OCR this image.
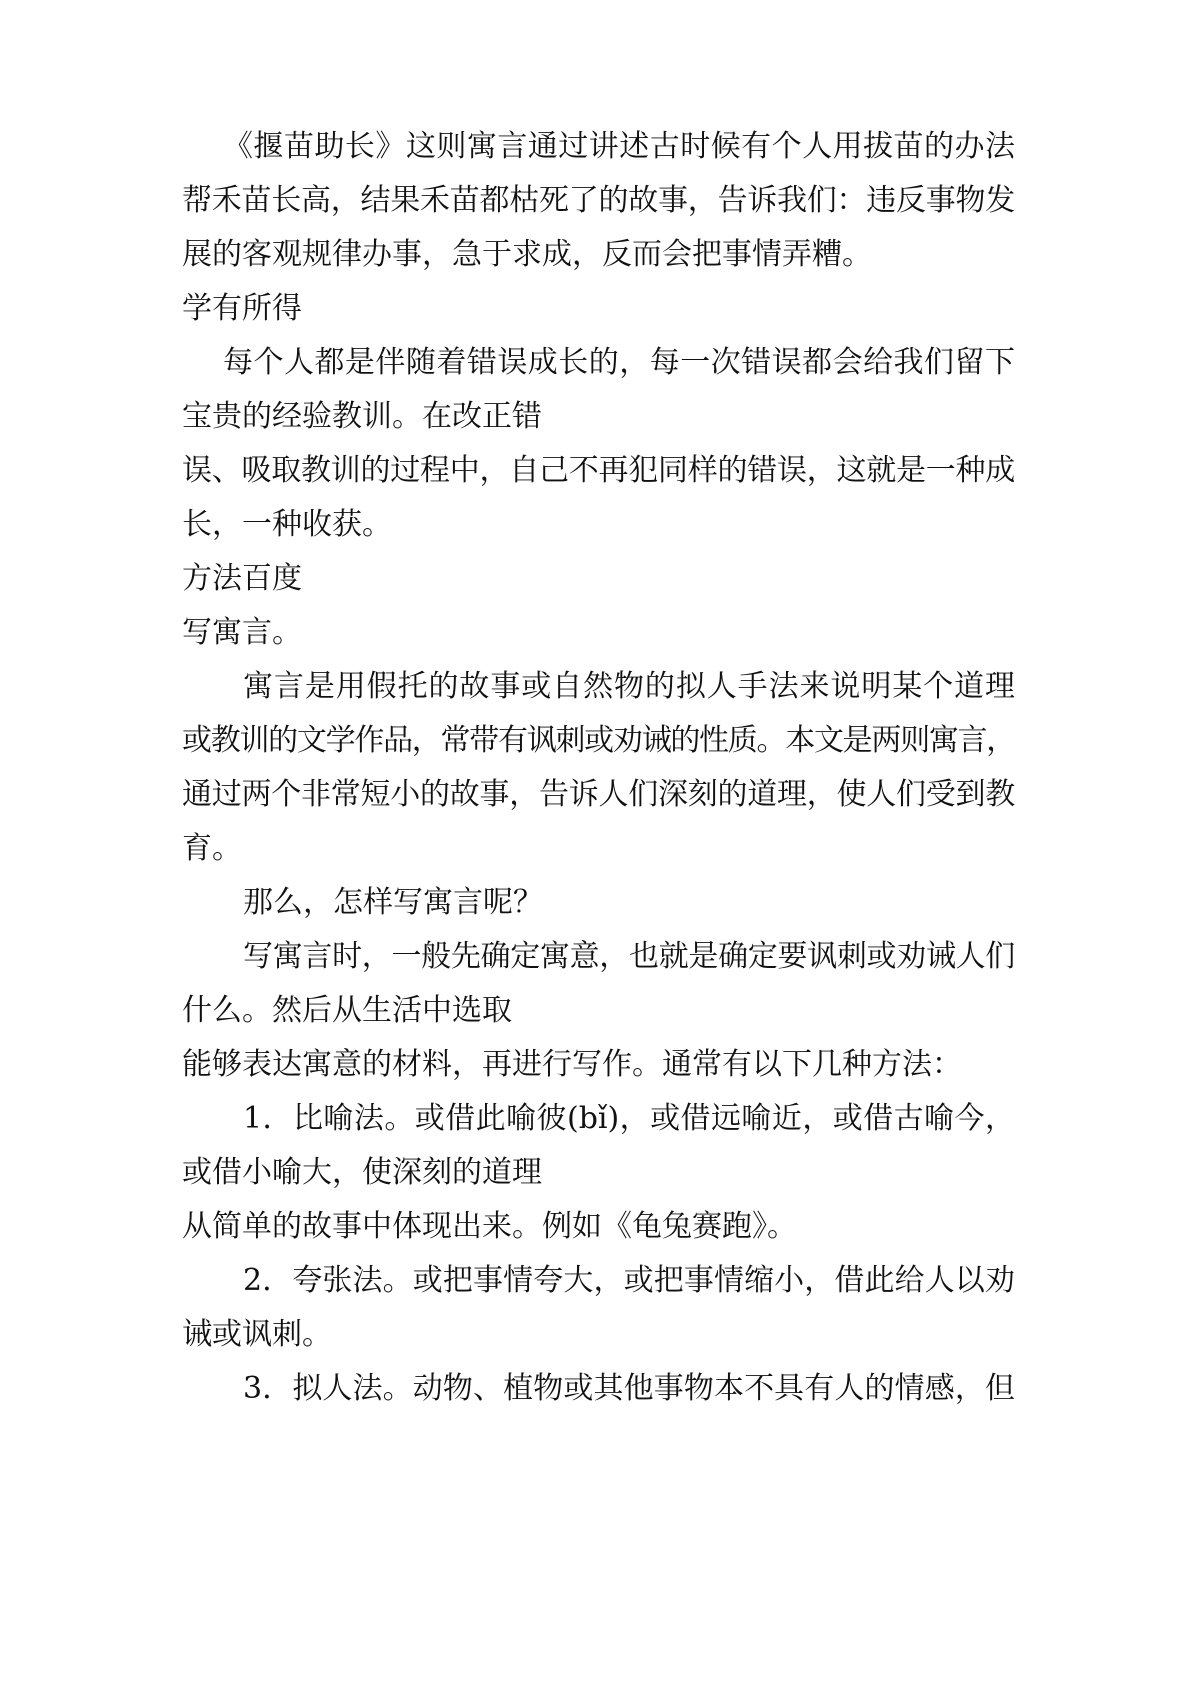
《揠苗助长》这则寓言通过讲述古时候有个人用拔苗的办法
帮禾苗长高，结果禾苗都枯死了的故事，告诉我们：违反事物发
展的客观规律办事，急于求成，反而会把事情弄糟。
学有所得
每个人都是伴随着错误成长的，每一次错误都会给我们留下
宝贵的经验教训。在改正错
误、吸取教训的过程中，自己不再犯同样的错误，这就是一种成
长，一种收获。
方法百度
写寓言。
寓言是用假托的故事或自然物的拟人手法来说明某个道理
或教训的文学作品，常带有讽刺或劝诫的性质。本文是两则寓言，
通过两个非常短小的故事，告诉人们深刻的道理，使人们受到教
育。
那么，怎样写寓言呢？
写寓言时，一般先确定寓意，也就是确定要讽刺或劝诫人们
什么。然后从生活中选取
能够表达寓意的材料，再进行写作。通常有以下几种方法：
1．比喻法。或借此喻彼(bǐ)，或借远喻近，或借古喻今，
或借小喻大，使深刻的道理
从简单的故事中体现出来。例如《龟兔赛跑》。
2．夸张法。或把事情夸大，或把事情缩小，借此给人以劝
诫或讽刺。
3．拟人法。动物、植物或其他事物本不具有人的情感，但
